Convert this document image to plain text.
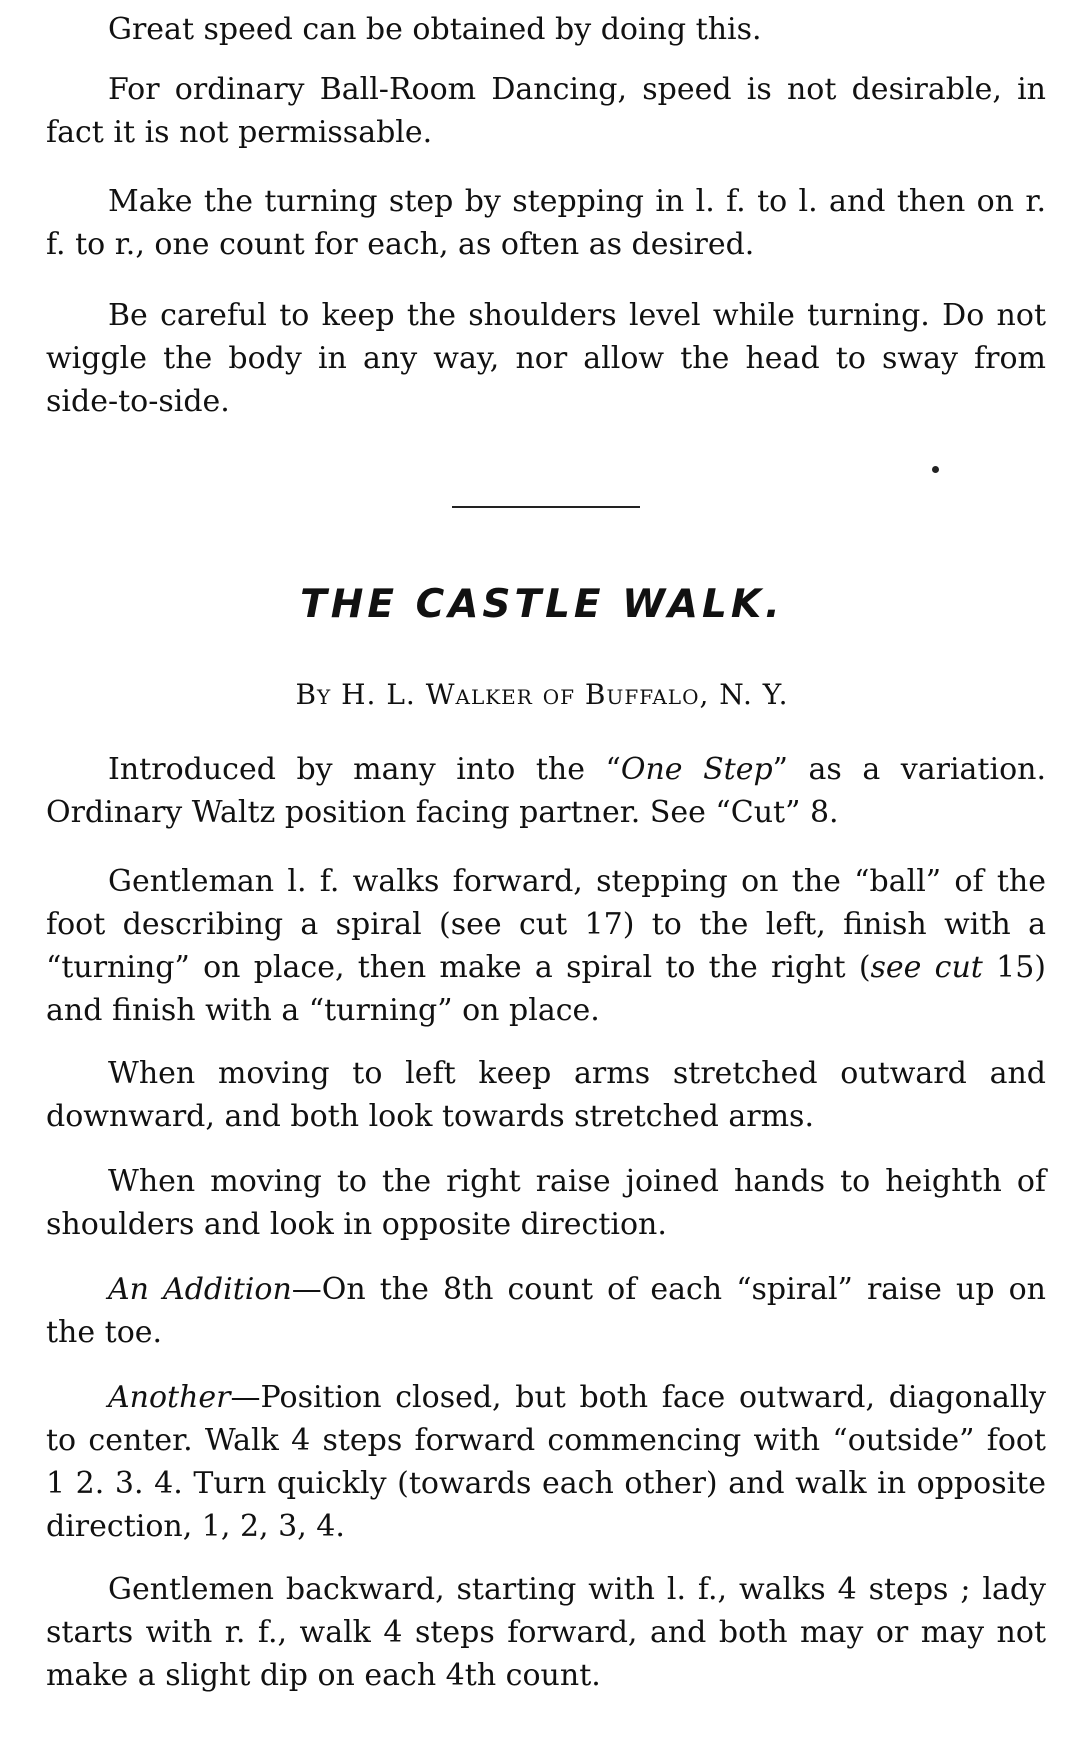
Great speed can be obtained by doing this.

For ordinary Ball-Room Dancing, speed is not desirable, in fact it is not permissable.

Make the turning step by stepping in l. f. to l. and then on r. f. to r., one count for each, as often as desired.

Be careful to keep the shoulders level while turning. Do not wiggle the body in any way, nor allow the head to sway from side-to-side.

THE CASTLE WALK.

By H. L. Walker of Buffalo, N. Y.

Introduced by many into the “One Step” as a variation. Ordinary Waltz position facing partner. See “Cut” 8.

Gentleman l. f. walks forward, stepping on the “ball” of the foot describing a spiral (see cut 17) to the left, finish with a “turning” on place, then make a spiral to the right (see cut 15) and finish with a “turning” on place.

When moving to left keep arms stretched outward and downward, and both look towards stretched arms.

When moving to the right raise joined hands to heighth of shoulders and look in opposite direction.

An Addition—On the 8th count of each “spiral” raise up on the toe.

Another—Position closed, but both face outward, diagonally to center. Walk 4 steps forward commencing with “outside” foot 1 2. 3. 4. Turn quickly (towards each other) and walk in opposite direction, 1, 2, 3, 4.

Gentlemen backward, starting with l. f., walks 4 steps ; lady starts with r. f., walk 4 steps forward, and both may or may not make a slight dip on each 4th count.
